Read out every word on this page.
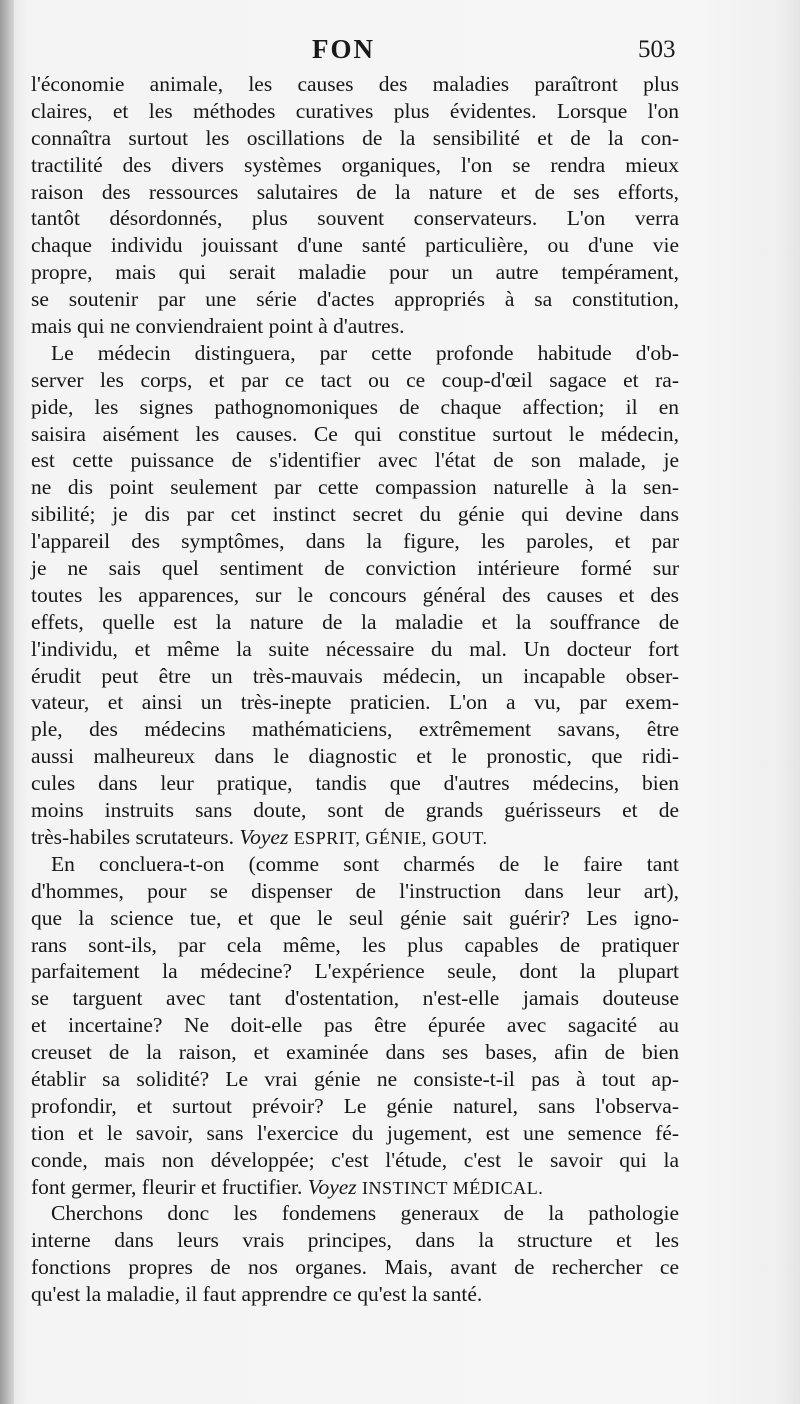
FON	503
l'économie animale, les causes des maladies paraîtront plus
claires, et les méthodes curatives plus évidentes. Lorsque l'on
connaîtra surtout les oscillations de la sensibilité et de la con-
tractilité des divers systèmes organiques, l'on se rendra mieux
raison des ressources salutaires de la nature et de ses efforts,
tantôt désordonnés, plus souvent conservateurs. L'on verra
chaque individu jouissant d'une santé particulière, ou d'une vie
propre, mais qui serait maladie pour un autre tempérament,
se soutenir par une série d'actes appropriés à sa constitution,
mais qui ne conviendraient point à d'autres.
Le médecin distinguera, par cette profonde habitude d'ob-
server les corps, et par ce tact ou ce coup-d'œil sagace et ra-
pide, les signes pathognomoniques de chaque affection; il en
saisira aisément les causes. Ce qui constitue surtout le médecin,
est cette puissance de s'identifier avec l'état de son malade, je
ne dis point seulement par cette compassion naturelle à la sen-
sibilité; je dis par cet instinct secret du génie qui devine dans
l'appareil des symptômes, dans la figure, les paroles, et par
je ne sais quel sentiment de conviction intérieure formé sur
toutes les apparences, sur le concours général des causes et des
effets, quelle est la nature de la maladie et la souffrance de
l'individu, et même la suite nécessaire du mal. Un docteur fort
érudit peut être un très-mauvais médecin, un incapable obser-
vateur, et ainsi un très-inepte praticien. L'on a vu, par exem-
ple, des médecins mathématiciens, extrêmement savans, être
aussi malheureux dans le diagnostic et le pronostic, que ridi-
cules dans leur pratique, tandis que d'autres médecins, bien
moins instruits sans doute, sont de grands guérisseurs et de
très-habiles scrutateurs. Voyez ESPRIT, GÉNIE, GOUT.
En concluera-t-on (comme sont charmés de le faire tant
d'hommes, pour se dispenser de l'instruction dans leur art),
que la science tue, et que le seul génie sait guérir? Les igno-
rans sont-ils, par cela même, les plus capables de pratiquer
parfaitement la médecine? L'expérience seule, dont la plupart
se targuent avec tant d'ostentation, n'est-elle jamais douteuse
et incertaine? Ne doit-elle pas être épurée avec sagacité au
creuset de la raison, et examinée dans ses bases, afin de bien
établir sa solidité? Le vrai génie ne consiste-t-il pas à tout ap-
profondir, et surtout prévoir? Le génie naturel, sans l'observa-
tion et le savoir, sans l'exercice du jugement, est une semence fé-
conde, mais non développée; c'est l'étude, c'est le savoir qui la
font germer, fleurir et fructifier. Voyez INSTINCT MÉDICAL.
Cherchons donc les fondemens generaux de la pathologie
interne dans leurs vrais principes, dans la structure et les
fonctions propres de nos organes. Mais, avant de rechercher ce
qu'est la maladie, il faut apprendre ce qu'est la santé.
